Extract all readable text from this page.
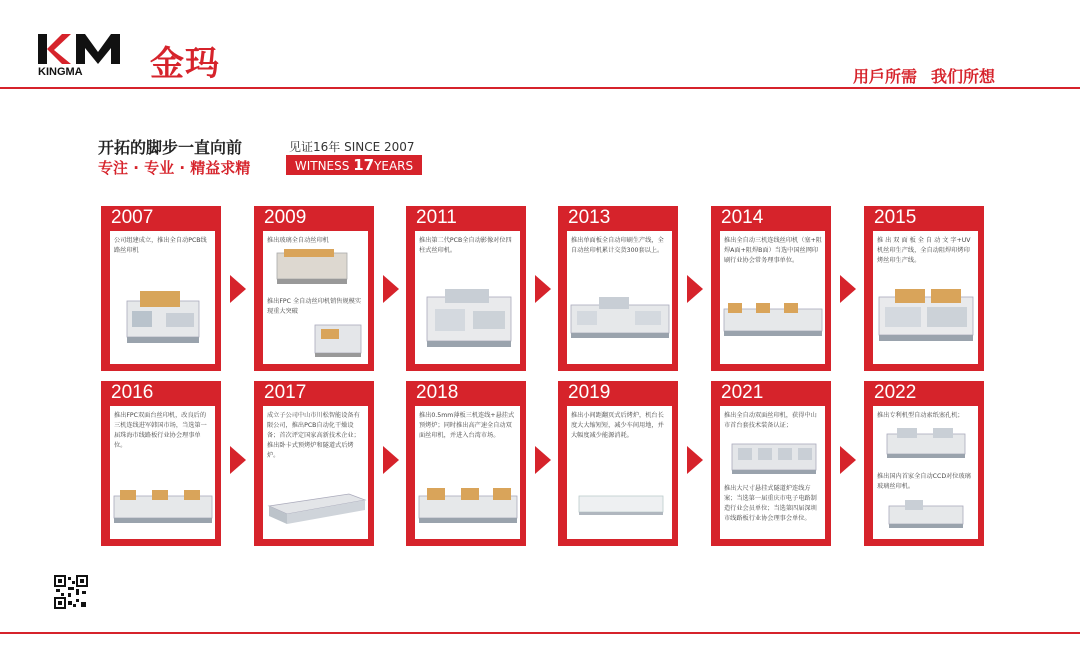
KINGMA 金玛	用戶所需 我们所想
开拓的脚步一直向前
专注 · 专业 · 精益求精
见证16年 SINCE 2007
WITNESS 17YEARS
2007
公司组建成立，推出全自动PCB线路丝印机
2009
推出玻璃全自动丝印机
推出FPC 全自动丝印机销售规模实现重大突破
2011
推出第二代PCB全自动影像对位四柱式丝印机。
2013
推出单面板全自动印刷生产线，全自动丝印机累计交货300套以上。
2014
推出全自动三机连线丝印机（塞+阻焊A面+阻焊B面）当选中国丝网印刷行业协会常务理事单位。
2015
推 出 双 面 板 全 自 动 文 字+UV机丝印生产线，全自动阻焊印烤印烤丝印生产线。
2016
推出FPC双面台丝印机，改良后的三机连线进军韩国市场，当选第一届珠海市线路板行业协会理事单位。
2017
成立子公司中山市川松智能设备有限公司，推出PCB自动化干燥设备；首次评定国家高新技术企业；推出卧卡式预烤炉和隧道式后烤炉。
2018
推出0.5mm薄板三机连线+悬挂式预烤炉；同时推出高产速全自动双面丝印机，并进入台湾市场。
2019
推出小间距翻页式后烤炉，机台长度大大缩短短，减少车间用地，并大幅度减少能源消耗。
2021
推出全自动双面丝印机，获得中山市首台套技术装备认证；
推出大尺寸悬挂式隧道炉连线方案；当选第一届重庆市电子电路制造行业会员单位；当选第四届深圳市线路板行业协会理事会单位。
2022
推出专利机型自动索纸塞孔机；
推出国内首家全自动CCD对位玻璃玻璃丝印机。
